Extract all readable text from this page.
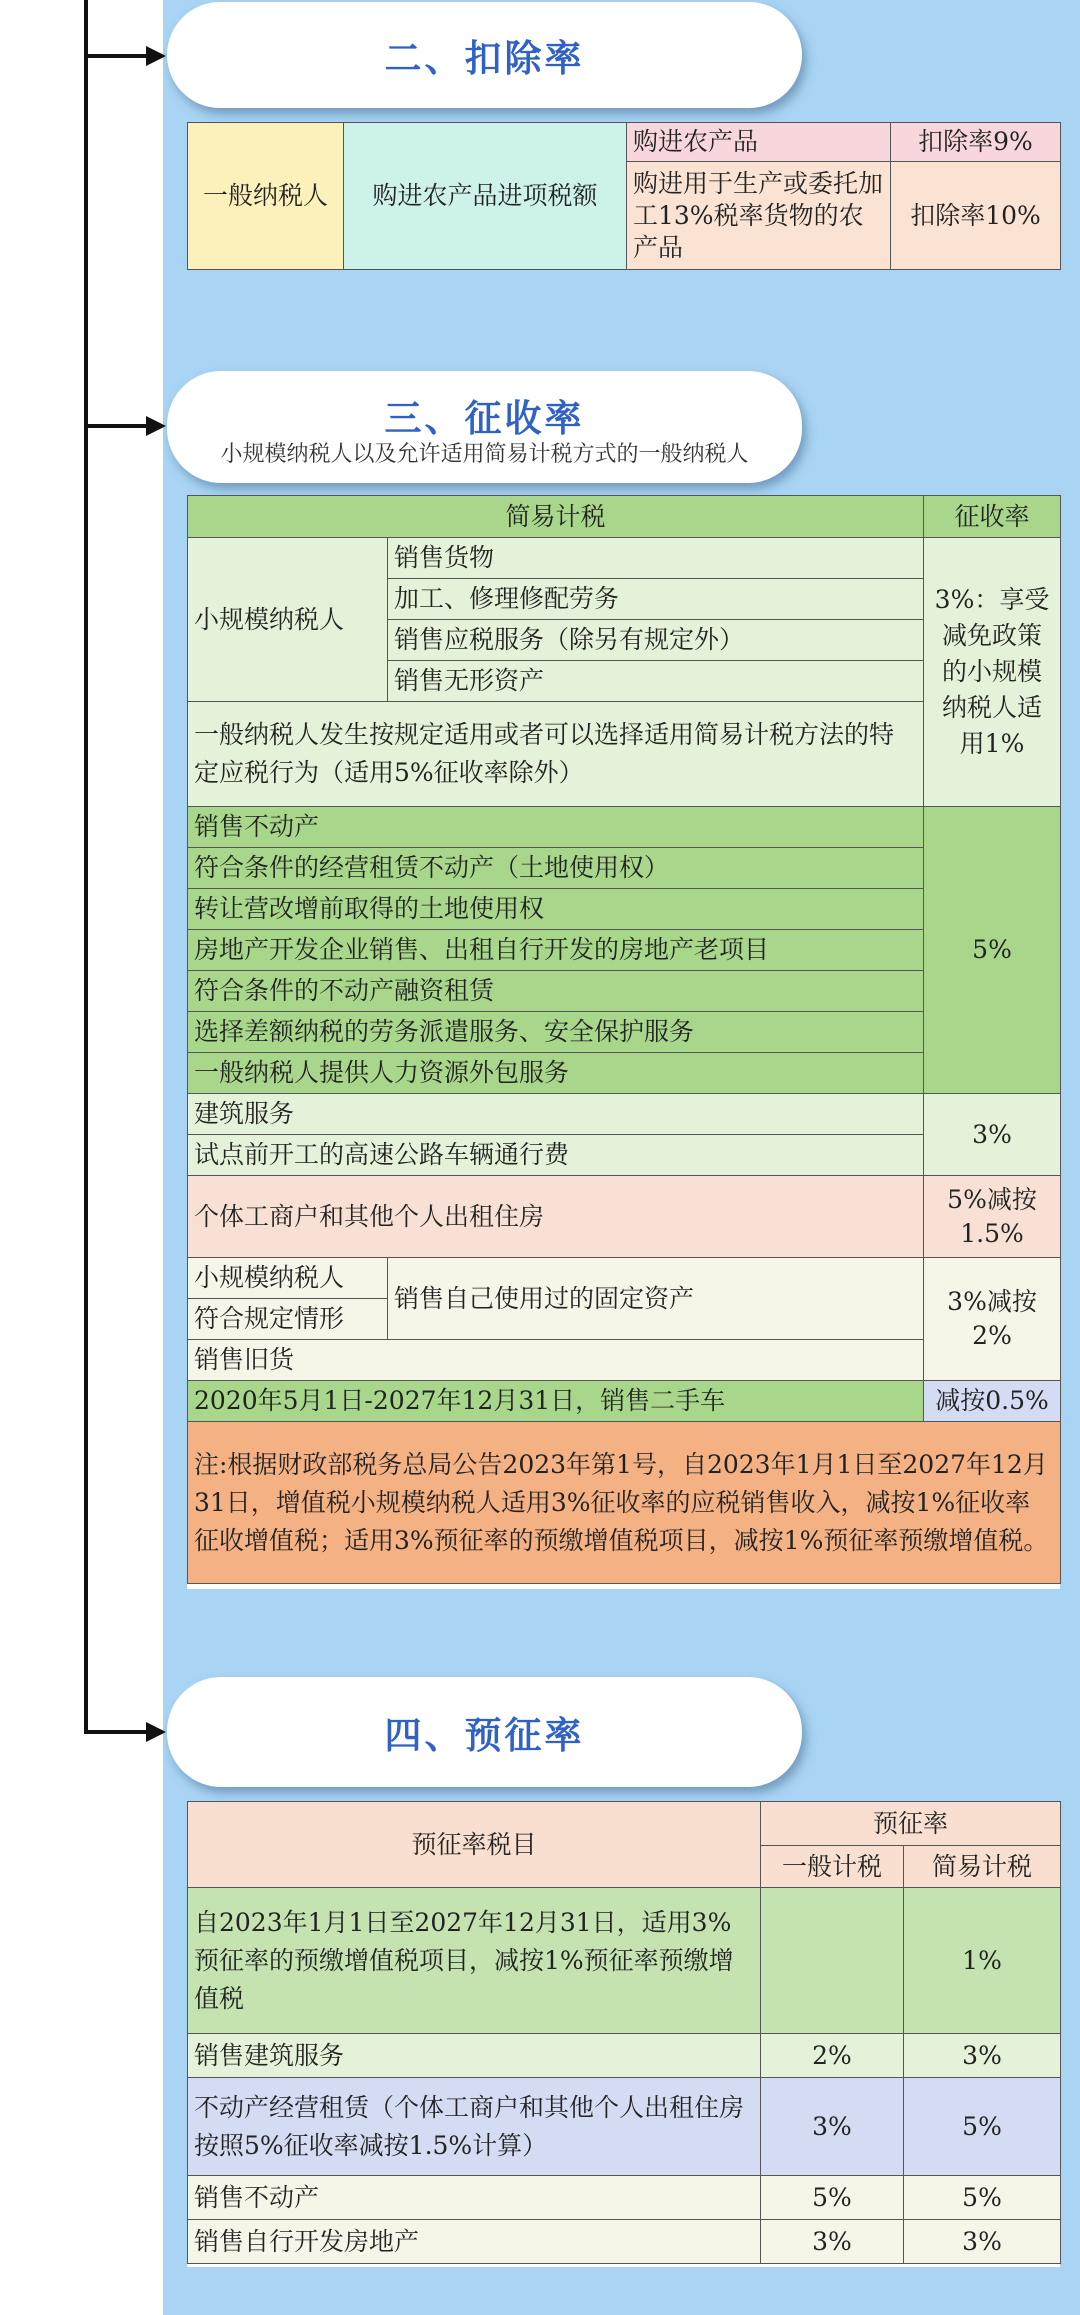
二、扣除率
一般纳税人	购进农产品进项税额	购进农产品	扣除率9%
		购进用于生产或委托加工13%税率货物的农产品	扣除率10%
三、征收率
小规模纳税人以及允许适用简易计税方式的一般纳税人
简易计税		征收率
小规模纳税人	销售货物	3%：享受减免政策的小规模纳税人适用1%
	加工、修理修配劳务	
	销售应税服务（除另有规定外）	
	销售无形资产	
一般纳税人发生按规定适用或者可以选择适用简易计税方法的特定应税行为（适用5%征收率除外）		
销售不动产		5%
符合条件的经营租赁不动产（土地使用权）		
转让营改增前取得的土地使用权		
房地产开发企业销售、出租自行开发的房地产老项目		
符合条件的不动产融资租赁		
选择差额纳税的劳务派遣服务、安全保护服务		
一般纳税人提供人力资源外包服务		
建筑服务		3%
试点前开工的高速公路车辆通行费		
个体工商户和其他个人出租住房		5%减按1.5%
小规模纳税人	销售自己使用过的固定资产	3%减按2%
符合规定情形		
销售旧货		
2020年5月1日-2027年12月31日，销售二手车		减按0.5%
注:根据财政部税务总局公告2023年第1号，自2023年1月1日至2027年12月31日，增值税小规模纳税人适用3%征收率的应税销售收入，减按1%征收率征收增值税；适用3%预征率的预缴增值税项目，减按1%预征率预缴增值税。		
四、预征率
预征率税目	预征率	
	一般计税	简易计税
自2023年1月1日至2027年12月31日，适用3%预征率的预缴增值税项目，减按1%预征率预缴增值税		1%
销售建筑服务	2%	3%
不动产经营租赁（个体工商户和其他个人出租住房按照5%征收率减按1.5%计算）	3%	5%
销售不动产	5%	5%
销售自行开发房地产	3%	3%
